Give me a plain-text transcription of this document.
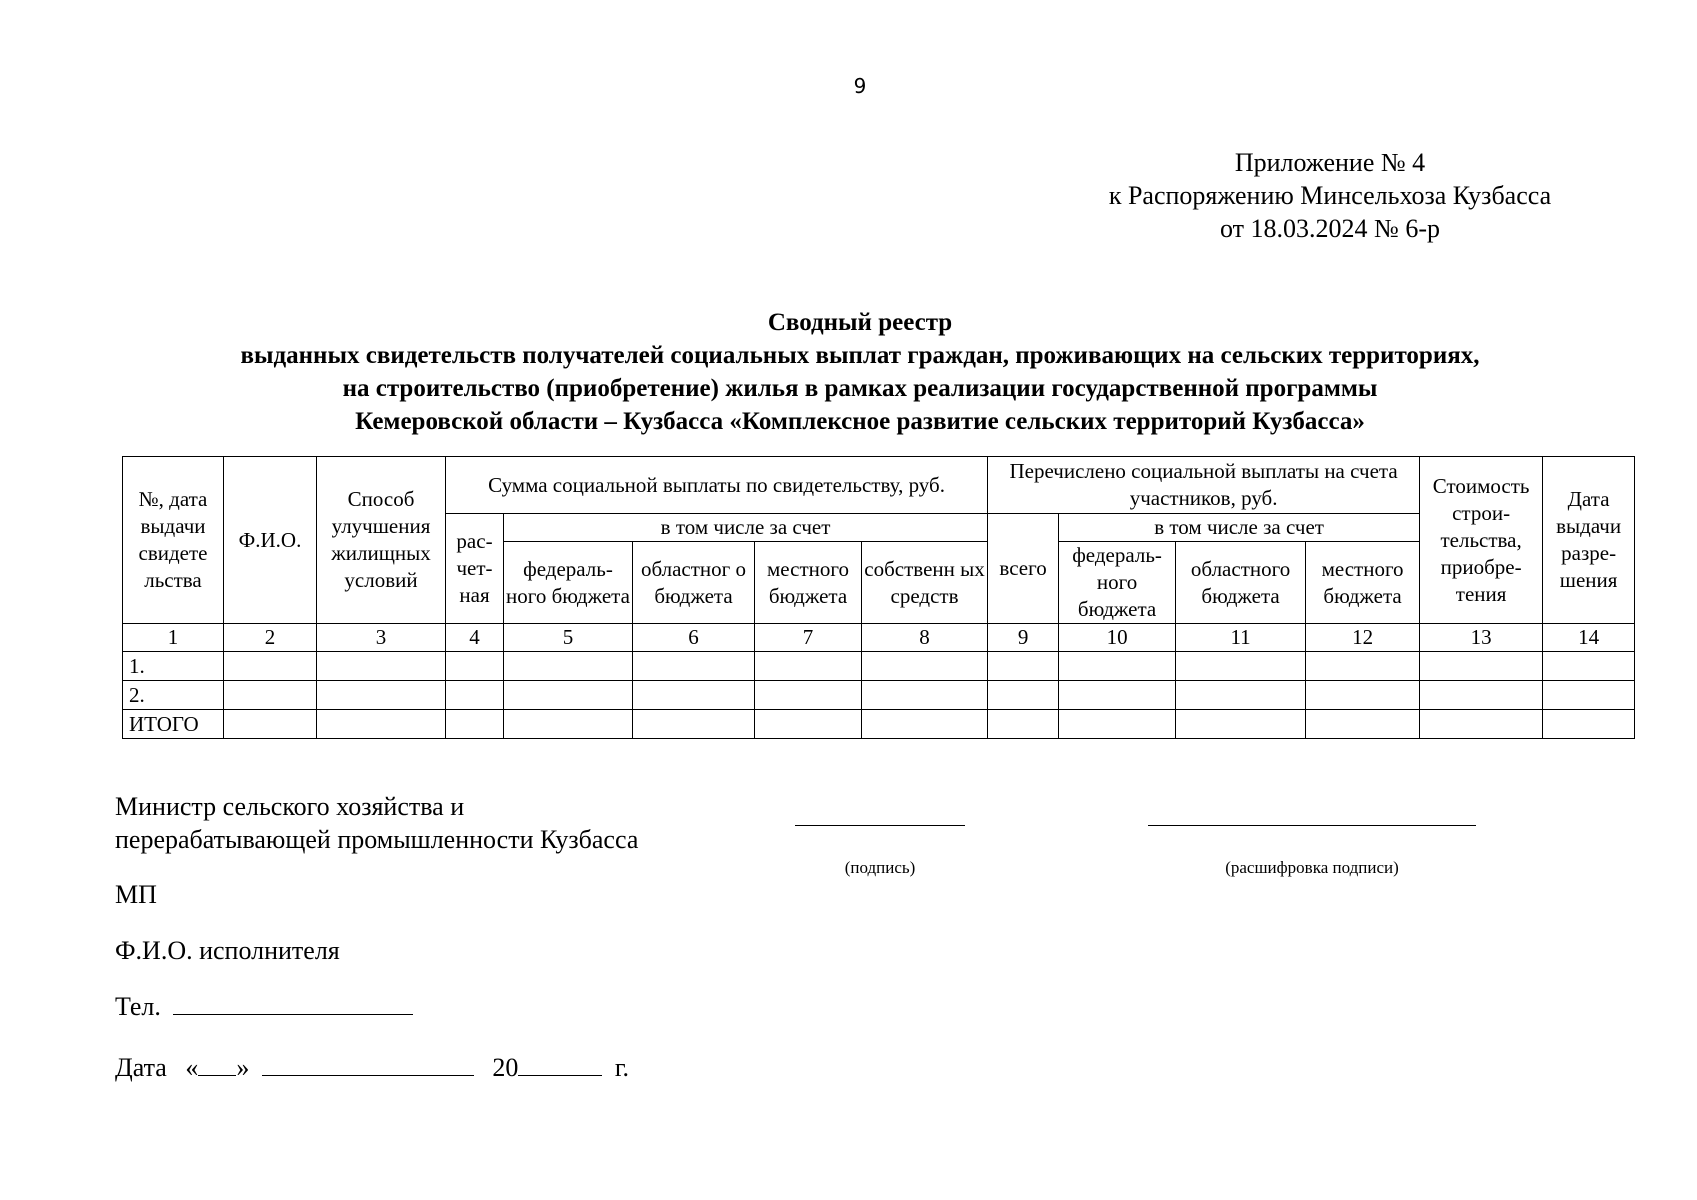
9
Приложение № 4
к Распоряжению Минсельхоза Кузбасса
от 18.03.2024 № 6-р
Сводный реестр
выданных свидетельств получателей социальных выплат граждан, проживающих на сельских территориях,
на строительство (приобретение) жилья в рамках реализации государственной программы
Кемеровской области – Кузбасса «Комплексное развитие сельских территорий Кузбасса»
№, дата выдачи свидете льства	Ф.И.О.	Способ улучшения жилищных условий	Сумма социальной выплаты по свидетельству, руб.					Перечислено социальной выплаты на счета участников, руб.				Стоимость строи-тельства, приобре-тения	Дата выдачи разре-шения
			рас-чет-ная	в том числе за счет				всего	в том числе за счет				
				федераль-ного бюджета	областног о бюджета	местного бюджета	собственн ых средств		федераль-ного бюджета	областного бюджета	местного бюджета		
1	2	3	4	5	6	7	8	9	10	11	12	13	14
1.													
2.													
ИТОГО													
Министр сельского хозяйства и
перерабатывающей промышленности Кузбасса
(подпись)	(расшифровка подписи)
МП
Ф.И.О. исполнителя
Тел.
Дата « »	20	г.
